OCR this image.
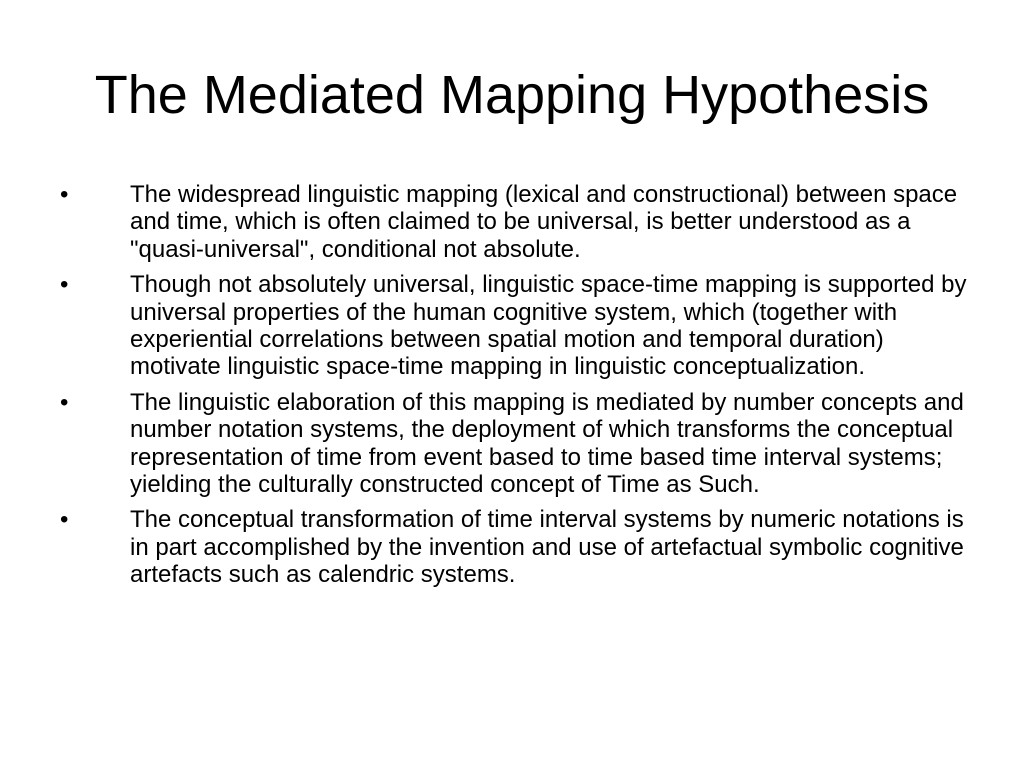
The Mediated Mapping Hypothesis
•	The widespread linguistic mapping (lexical and constructional) between space and time, which is often claimed to be universal, is better understood as a "quasi-universal", conditional not absolute.
•	Though not absolutely universal, linguistic space-time mapping is supported by universal properties of the human cognitive system, which (together with experiential correlations between spatial motion and temporal duration) motivate linguistic space-time mapping in linguistic conceptualization.
•	The linguistic elaboration of this mapping is mediated by number concepts and number notation systems, the deployment of which transforms the conceptual representation of time from event based to time based time interval systems; yielding the culturally constructed concept of Time as Such.
•	The conceptual transformation of time interval systems by numeric notations is in part accomplished by the invention and use of artefactual symbolic cognitive artefacts such as calendric systems.
